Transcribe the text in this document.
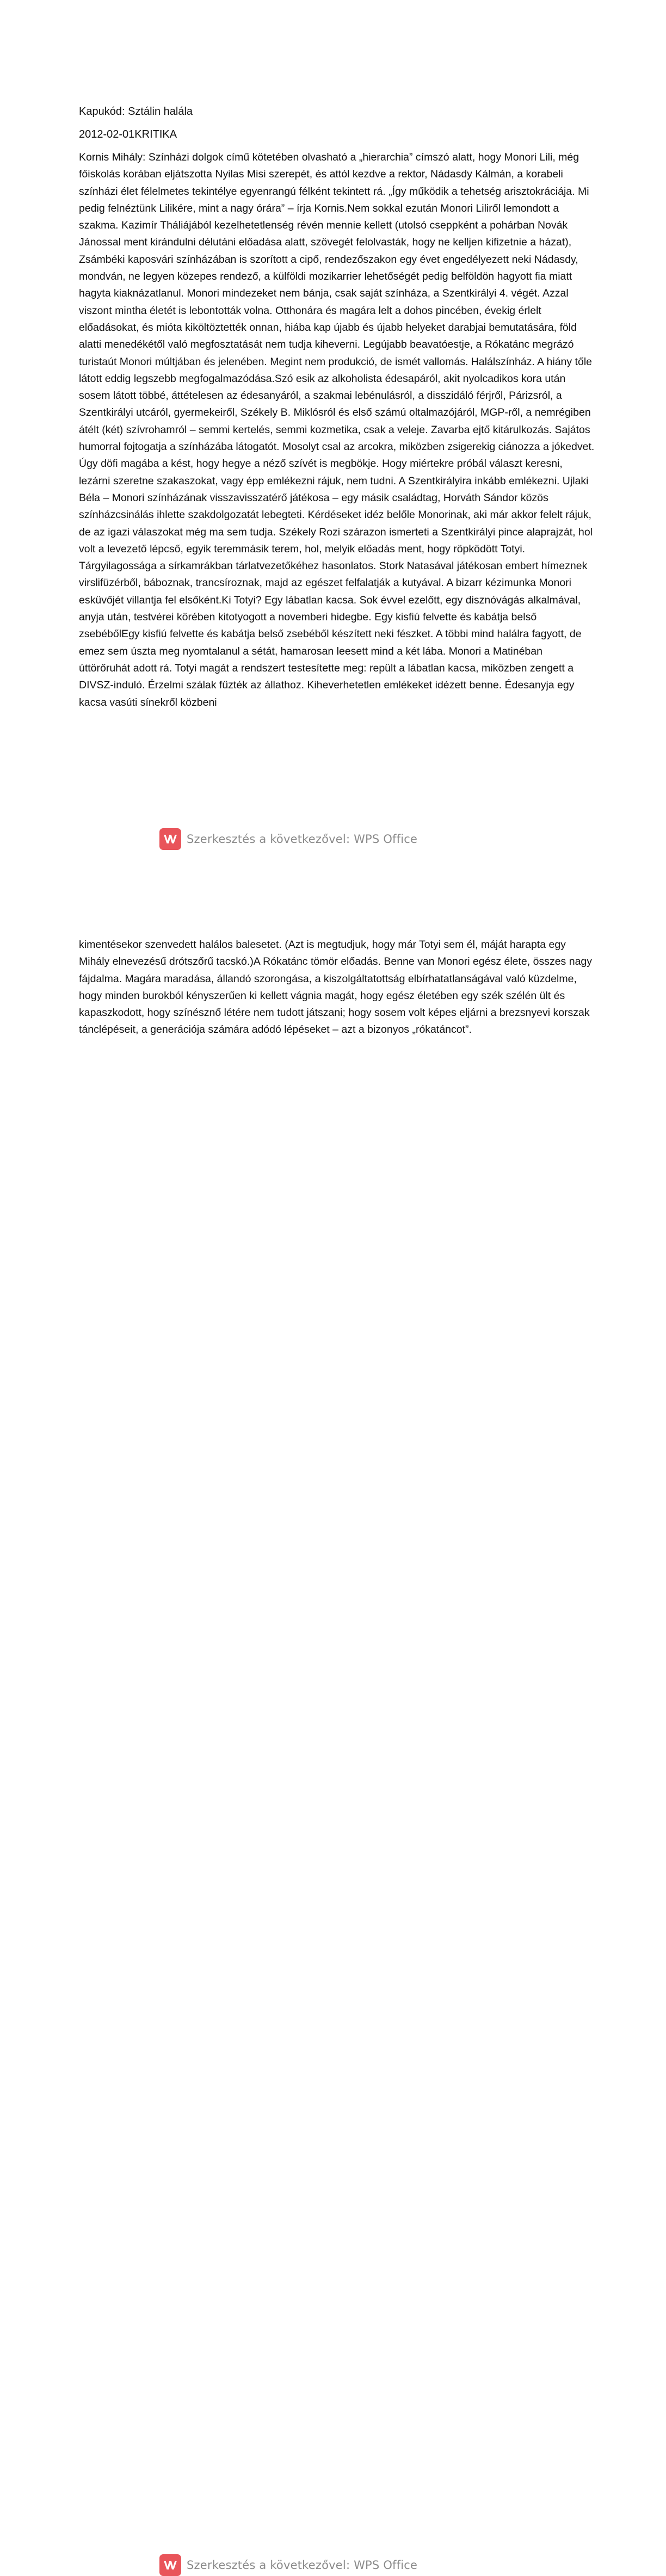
Kapukód: Sztálin halála

2012-02-01KRITIKA

Kornis Mihály: Színházi dolgok című kötetében olvasható a „hierarchia” címszó alatt, hogy Monori Lili, még főiskolás korában eljátszotta Nyilas Misi szerepét, és attól kezdve a rektor, Nádasdy Kálmán, a korabeli színházi élet félelmetes tekintélye egyenrangú félként tekintett rá. „Így működik a tehetség arisztokráciája. Mi pedig felnéztünk Lilikére, mint a nagy órára” – írja Kornis.Nem sokkal ezután Monori Liliről lemondott a szakma. Kazimír Tháliájából kezelhetetlenség révén mennie kellett (utolsó cseppként a pohárban Novák Jánossal ment kirándulni délutáni előadása alatt, szövegét felolvasták, hogy ne kelljen kifizetnie a házat), Zsámbéki kaposvári színházában is szorított a cipő, rendezőszakon egy évet engedélyezett neki Nádasdy, mondván, ne legyen közepes rendező, a külföldi mozikarrier lehetőségét pedig belföldön hagyott fia miatt hagyta kiaknázatlanul. Monori mindezeket nem bánja, csak saját színháza, a Szentkirályi 4. végét. Azzal viszont mintha életét is lebontották volna. Otthonára és magára lelt a dohos pincében, évekig érlelt előadásokat, és mióta kiköltöztették onnan, hiába kap újabb és újabb helyeket darabjai bemutatására, föld alatti menedékétől való megfosztatását nem tudja kiheverni. Legújabb beavatóestje, a Rókatánc megrázó turistaút Monori múltjában és jelenében. Megint nem produkció, de ismét vallomás. Halálszínház. A hiány tőle látott eddig legszebb megfogalmazódása.Szó esik az alkoholista édesapáról, akit nyolcadikos kora után sosem látott többé, áttételesen az édesanyáról, a szakmai lebénulásról, a disszidáló férjről, Párizsról, a Szentkirályi utcáról, gyermekeiről, Székely B. Miklósról és első számú oltalmazójáról, MGP-ről, a nemrégiben átélt (két) szívrohamról – semmi kertelés, semmi kozmetika, csak a veleje. Zavarba ejtő kitárulkozás. Sajátos humorral fojtogatja a színházába látogatót. Mosolyt csal az arcokra, miközben zsigerekig ciánozza a jókedvet. Úgy döfi magába a kést, hogy hegye a néző szívét is megbökje. Hogy miértekre próbál választ keresni, lezárni szeretne szakaszokat, vagy épp emlékezni rájuk, nem tudni. A Szentkirályira inkább emlékezni. Ujlaki Béla – Monori színházának visszavisszatérő játékosa – egy másik családtag, Horváth Sándor közös színházcsinálás ihlette szakdolgozatát lebegteti. Kérdéseket idéz belőle Monorinak, aki már akkor felelt rájuk, de az igazi válaszokat még ma sem tudja. Székely Rozi szárazon ismerteti a Szentkirályi pince alaprajzát, hol volt a levezető lépcső, egyik teremmásik terem, hol, melyik előadás ment, hogy röpködött Totyi. Tárgyilagossága a sírkamrákban tárlatvezetőkéhez hasonlatos. Stork Natasával játékosan embert hímeznek virslifüzérből, báboznak, trancsíroznak, majd az egészet felfalatják a kutyával. A bizarr kézimunka Monori esküvőjét villantja fel elsőként.Ki Totyi? Egy lábatlan kacsa. Sok évvel ezelőtt, egy disznóvágás alkalmával, anyja után, testvérei körében kitotyogott a novemberi hidegbe. Egy kisfiú felvette és kabátja belső zsebébőlEgy kisfiú felvette és kabátja belső zsebéből készített neki fészket. A többi mind halálra fagyott, de emez sem úszta meg nyomtalanul a sétát, hamarosan leesett mind a két lába. Monori a Matinéban úttörőruhát adott rá. Totyi magát a rendszert testesítette meg: repült a lábatlan kacsa, miközben zengett a DIVSZ-induló. Érzelmi szálak fűzték az állathoz. Kiheverhetetlen emlékeket idézett benne. Édesanyja egy kacsa vasúti sínekről közbeni

Szerkesztés a következővel: WPS Office

kimentésekor szenvedett halálos balesetet. (Azt is megtudjuk, hogy már Totyi sem él, máját harapta egy Mihály elnevezésű drótszőrű tacskó.)A Rókatánc tömör előadás. Benne van Monori egész élete, összes nagy fájdalma. Magára maradása, állandó szorongása, a kiszolgáltatottság elbírhatatlanságával való küzdelme, hogy minden burokból kényszerűen ki kellett vágnia magát, hogy egész életében egy szék szélén ült és kapaszkodott, hogy színésznő létére nem tudott játszani; hogy sosem volt képes eljárni a brezsnyevi korszak tánclépéseit, a generációja számára adódó lépéseket – azt a bizonyos „rókatáncot”.

Szerkesztés a következővel: WPS Office
